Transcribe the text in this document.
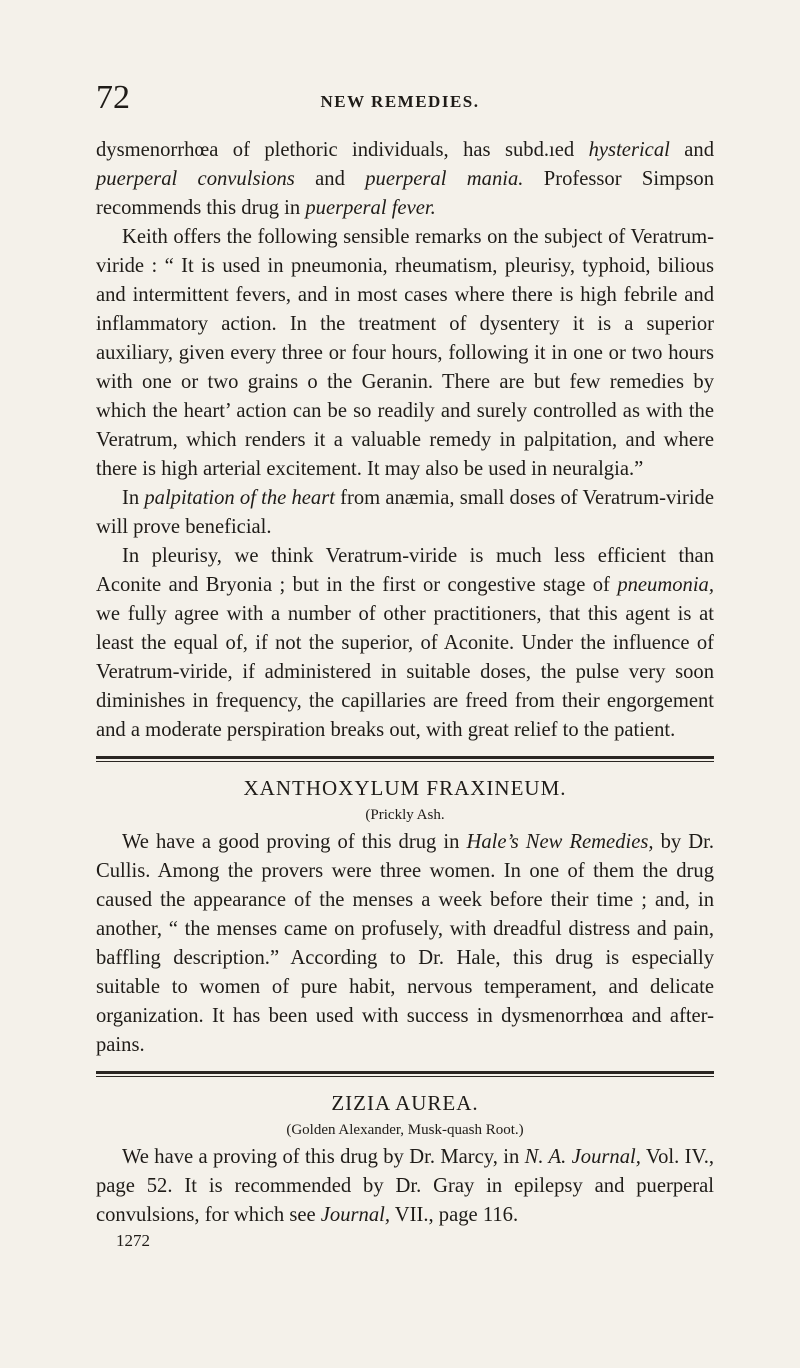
72	NEW REMEDIES.

dysmenorrhœa of plethoric individuals, has subd.ıed hysterical and puerperal convulsions and puerperal mania. Professor Simpson recommends this drug in puerperal fever.

Keith offers the following sensible remarks on the subject of Veratrum-viride : “ It is used in pneumonia, rheumatism, pleurisy, typhoid, bilious and intermittent fevers, and in most cases where there is high febrile and inflammatory action. In the treatment of dysentery it is a superior auxiliary, given every three or four hours, following it in one or two hours with one or two grains o the Geranin. There are but few remedies by which the heart’ action can be so readily and surely controlled as with the Veratrum, which renders it a valuable remedy in palpitation, and where there is high arterial excitement. It may also be used in neuralgia.”

In palpitation of the heart from anæmia, small doses of Veratrum-viride will prove beneficial.

In pleurisy, we think Veratrum-viride is much less efficient than Aconite and Bryonia ; but in the first or congestive stage of pneumonia, we fully agree with a number of other practitioners, that this agent is at least the equal of, if not the superior, of Aconite. Under the influence of Veratrum-viride, if administered in suitable doses, the pulse very soon diminishes in frequency, the capillaries are freed from their engorgement and a moderate perspiration breaks out, with great relief to the patient.

XANTHOXYLUM FRAXINEUM.
(Prickly Ash.

We have a good proving of this drug in Hale’s New Remedies, by Dr. Cullis. Among the provers were three women. In one of them the drug caused the appearance of the menses a week before their time ; and, in another, “ the menses came on profusely, with dreadful distress and pain, baffling description.” According to Dr. Hale, this drug is especially suitable to women of pure habit, nervous temperament, and delicate organization. It has been used with success in dysmenorrhœa and after-pains.

ZIZIA AUREA.
(Golden Alexander, Musk-quash Root.)

We have a proving of this drug by Dr. Marcy, in N. A. Journal, Vol. IV., page 52. It is recommended by Dr. Gray in epilepsy and puerperal convulsions, for which see Journal, VII., page 116.

1272
